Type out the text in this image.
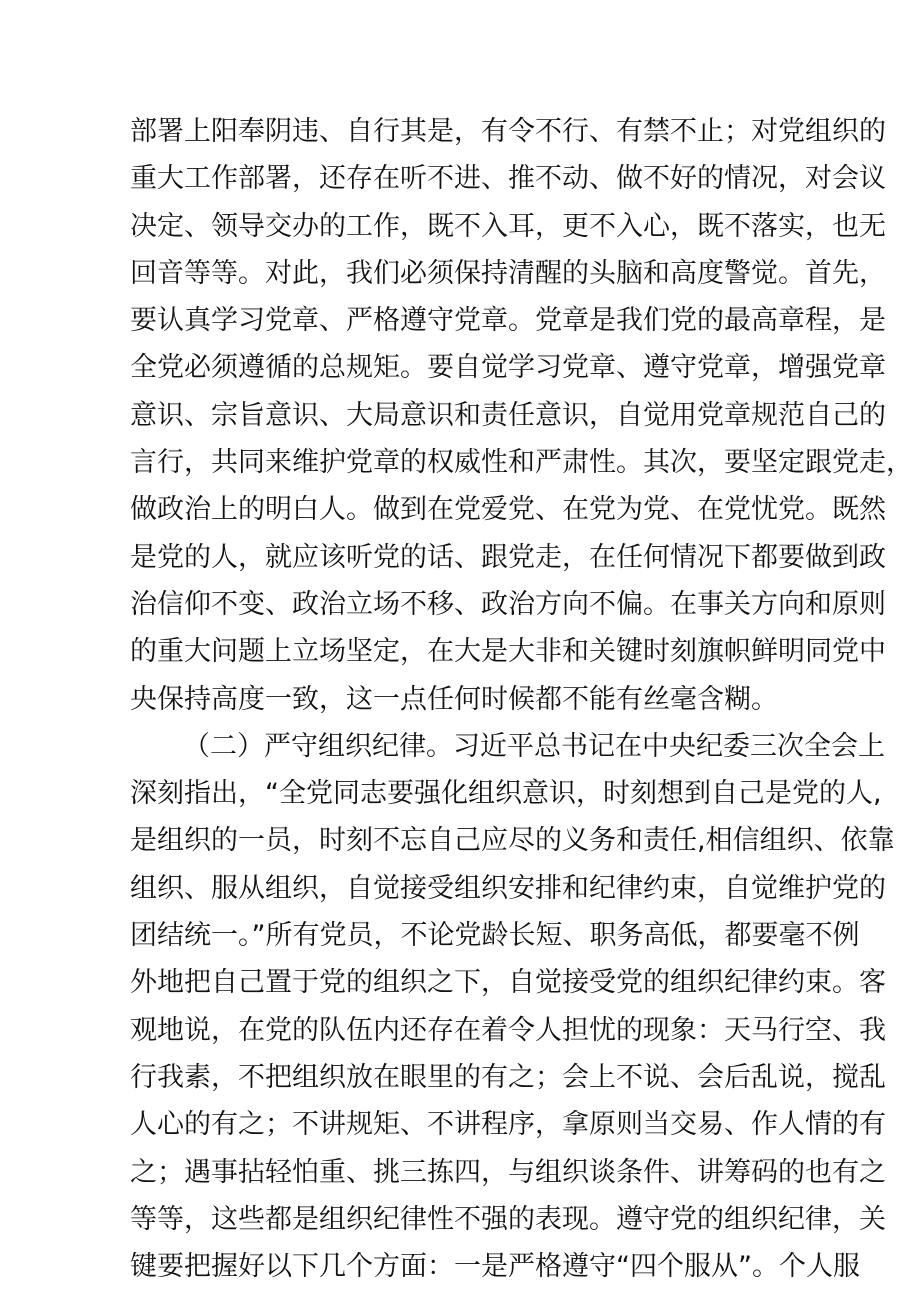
部署上阳奉阴违、自行其是，有令不行、有禁不止；对党组织的
重大工作部署，还存在听不进、推不动、做不好的情况，对会议
决定、领导交办的工作，既不入耳，更不入心，既不落实，也无
回音等等。对此，我们必须保持清醒的头脑和高度警觉。首先，
要认真学习党章、严格遵守党章。党章是我们党的最高章程，是
全党必须遵循的总规矩。要自觉学习党章、遵守党章，增强党章
意识、宗旨意识、大局意识和责任意识，自觉用党章规范自己的
言行，共同来维护党章的权威性和严肃性。其次，要坚定跟党走，
做政治上的明白人。做到在党爱党、在党为党、在党忧党。既然
是党的人，就应该听党的话、跟党走，在任何情况下都要做到政
治信仰不变、政治立场不移、政治方向不偏。在事关方向和原则
的重大问题上立场坚定，在大是大非和关键时刻旗帜鲜明同党中
央保持高度一致，这一点任何时候都不能有丝毫含糊。
（二）严守组织纪律。习近平总书记在中央纪委三次全会上
深刻指出，“全党同志要强化组织意识，时刻想到自己是党的人,
是组织的一员，时刻不忘自己应尽的义务和责任,相信组织、依靠
组织、服从组织，自觉接受组织安排和纪律约束，自觉维护党的
团结统一。”所有党员，不论党龄长短、职务高低，都要毫不例
外地把自己置于党的组织之下，自觉接受党的组织纪律约束。客
观地说，在党的队伍内还存在着令人担忧的现象：天马行空、我
行我素，不把组织放在眼里的有之；会上不说、会后乱说，搅乱
人心的有之；不讲规矩、不讲程序，拿原则当交易、作人情的有
之；遇事拈轻怕重、挑三拣四，与组织谈条件、讲筹码的也有之
等等，这些都是组织纪律性不强的表现。遵守党的组织纪律，关
键要把握好以下几个方面：一是严格遵守“四个服从”。个人服
